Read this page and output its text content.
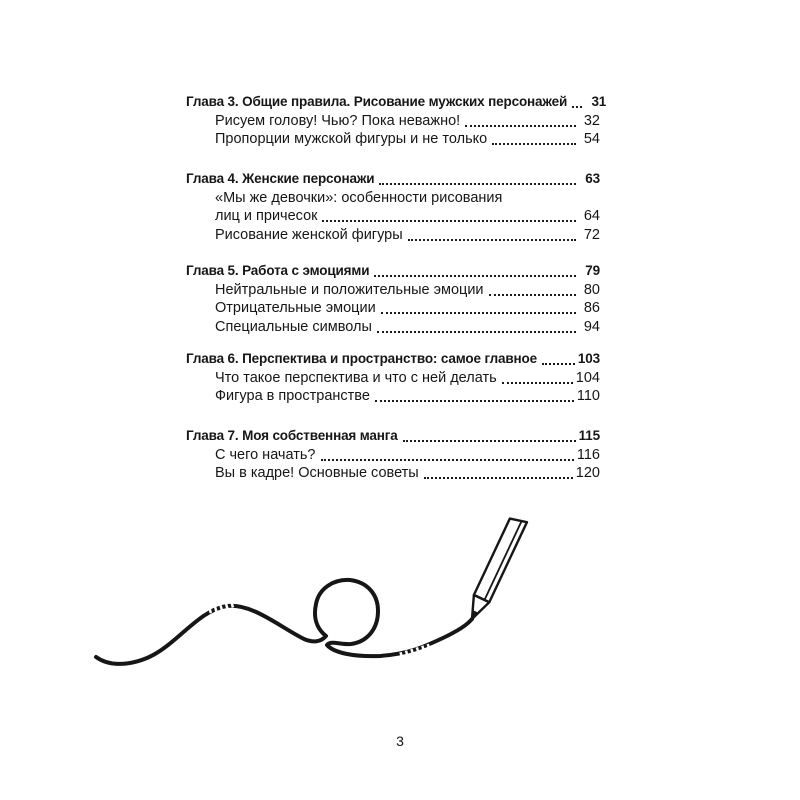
Глава 3. Общие правила. Рисование мужских персонажей	31
Рисуем голову! Чью? Пока неважно!	32
Пропорции мужской фигуры и не только	54
Глава 4. Женские персонажи	63
«Мы же девочки»: особенности рисования
лиц и причесок	64
Рисование женской фигуры	72
Глава 5. Работа с эмоциями	79
Нейтральные и положительные эмоции	80
Отрицательные эмоции	86
Специальные символы	94
Глава 6. Перспектива и пространство: самое главное	103
Что такое перспектива и что с ней делать	104
Фигура в пространстве	110
Глава 7. Моя собственная манга	115
С чего начать?	116
Вы в кадре! Основные советы	120
3
